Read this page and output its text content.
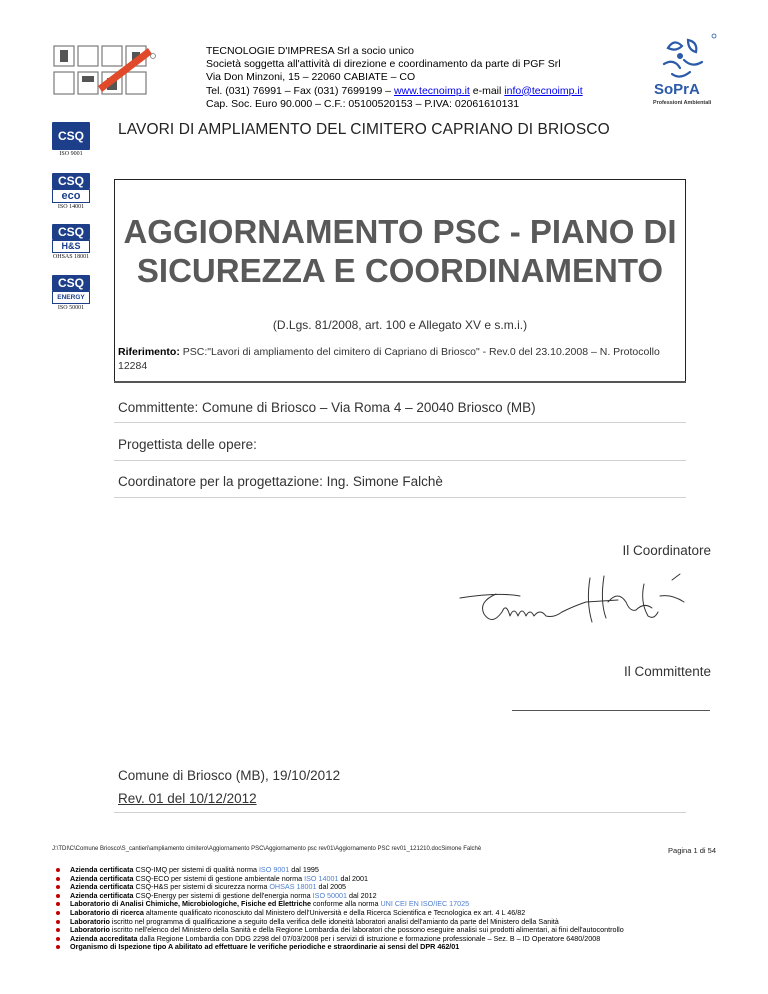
TECNOLOGIE D'IMPRESA Srl a socio unico
Società soggetta all'attività di direzione e coordinamento da parte di PGF Srl
Via Don Minzoni, 15 – 22060 CABIATE – CO
Tel. (031) 76991 – Fax (031) 7699199 – www.tecnoimp.it e-mail info@tecnoimp.it
Cap. Soc. Euro 90.000 – C.F.: 05100520153 – P.IVA: 02061610131
SoPrA
Professioni Ambientali
CSQ
ISO 9001
CSQ
eco
ISO 14001
CSQ
H&S
OHSAS 18001
CSQ
ENERGY
ISO 50001
LAVORI DI AMPLIAMENTO DEL CIMITERO CAPRIANO DI BRIOSCO
AGGIORNAMENTO PSC - PIANO DI
SICUREZZA E COORDINAMENTO
(D.Lgs. 81/2008, art. 100 e Allegato XV e s.m.i.)
Riferimento: PSC:"Lavori di ampliamento del cimitero di Capriano di Briosco" - Rev.0 del 23.10.2008 – N. Protocollo 12284
Committente: Comune di Briosco – Via Roma 4 – 20040 Briosco (MB)
Progettista delle opere:
Coordinatore per la progettazione: Ing. Simone Falchè
Il Coordinatore
Il Committente
Comune di Briosco (MB), 19/10/2012
Rev. 01 del 10/12/2012
J:\TDI\C\Comune Briosco\S_cantieri\ampliamento cimitero\Aggiornamento PSC\Aggiornamento psc rev01\Aggiornamento PSC rev01_121210.docSimone Falchè	Pagina 1 di 54
Azienda certificata CSQ-IMQ per sistemi di qualità norma ISO 9001 dal 1995
Azienda certificata CSQ-ECO per sistemi di gestione ambientale norma ISO 14001 dal 2001
Azienda certificata CSQ-H&S per sistemi di sicurezza norma OHSAS 18001 dal 2005
Azienda certificata CSQ-Energy per sistemi di gestione dell'energia norma ISO 50001 dal 2012
Laboratorio di Analisi Chimiche, Microbiologiche, Fisiche ed Elettriche conforme alla norma UNI CEI EN ISO/IEC 17025
Laboratorio di ricerca altamente qualificato riconosciuto dal Ministero dell'Università e della Ricerca Scientifica e Tecnologica ex art. 4 L 46/82
Laboratorio iscritto nel programma di qualificazione a seguito della verifica delle idoneità laboratori analisi dell'amianto da parte del Ministero della Sanità
Laboratorio iscritto nell'elenco del Ministero della Sanità e della Regione Lombardia dei laboratori che possono eseguire analisi sui prodotti alimentari, ai fini dell'autocontrollo
Azienda accreditata dalla Regione Lombardia con DDG 2298 del 07/03/2008 per i servizi di istruzione e formazione professionale – Sez. B – ID Operatore 6480/2008
Organismo di Ispezione tipo A abilitato ad effettuare le verifiche periodiche e straordinarie ai sensi del DPR 462/01
